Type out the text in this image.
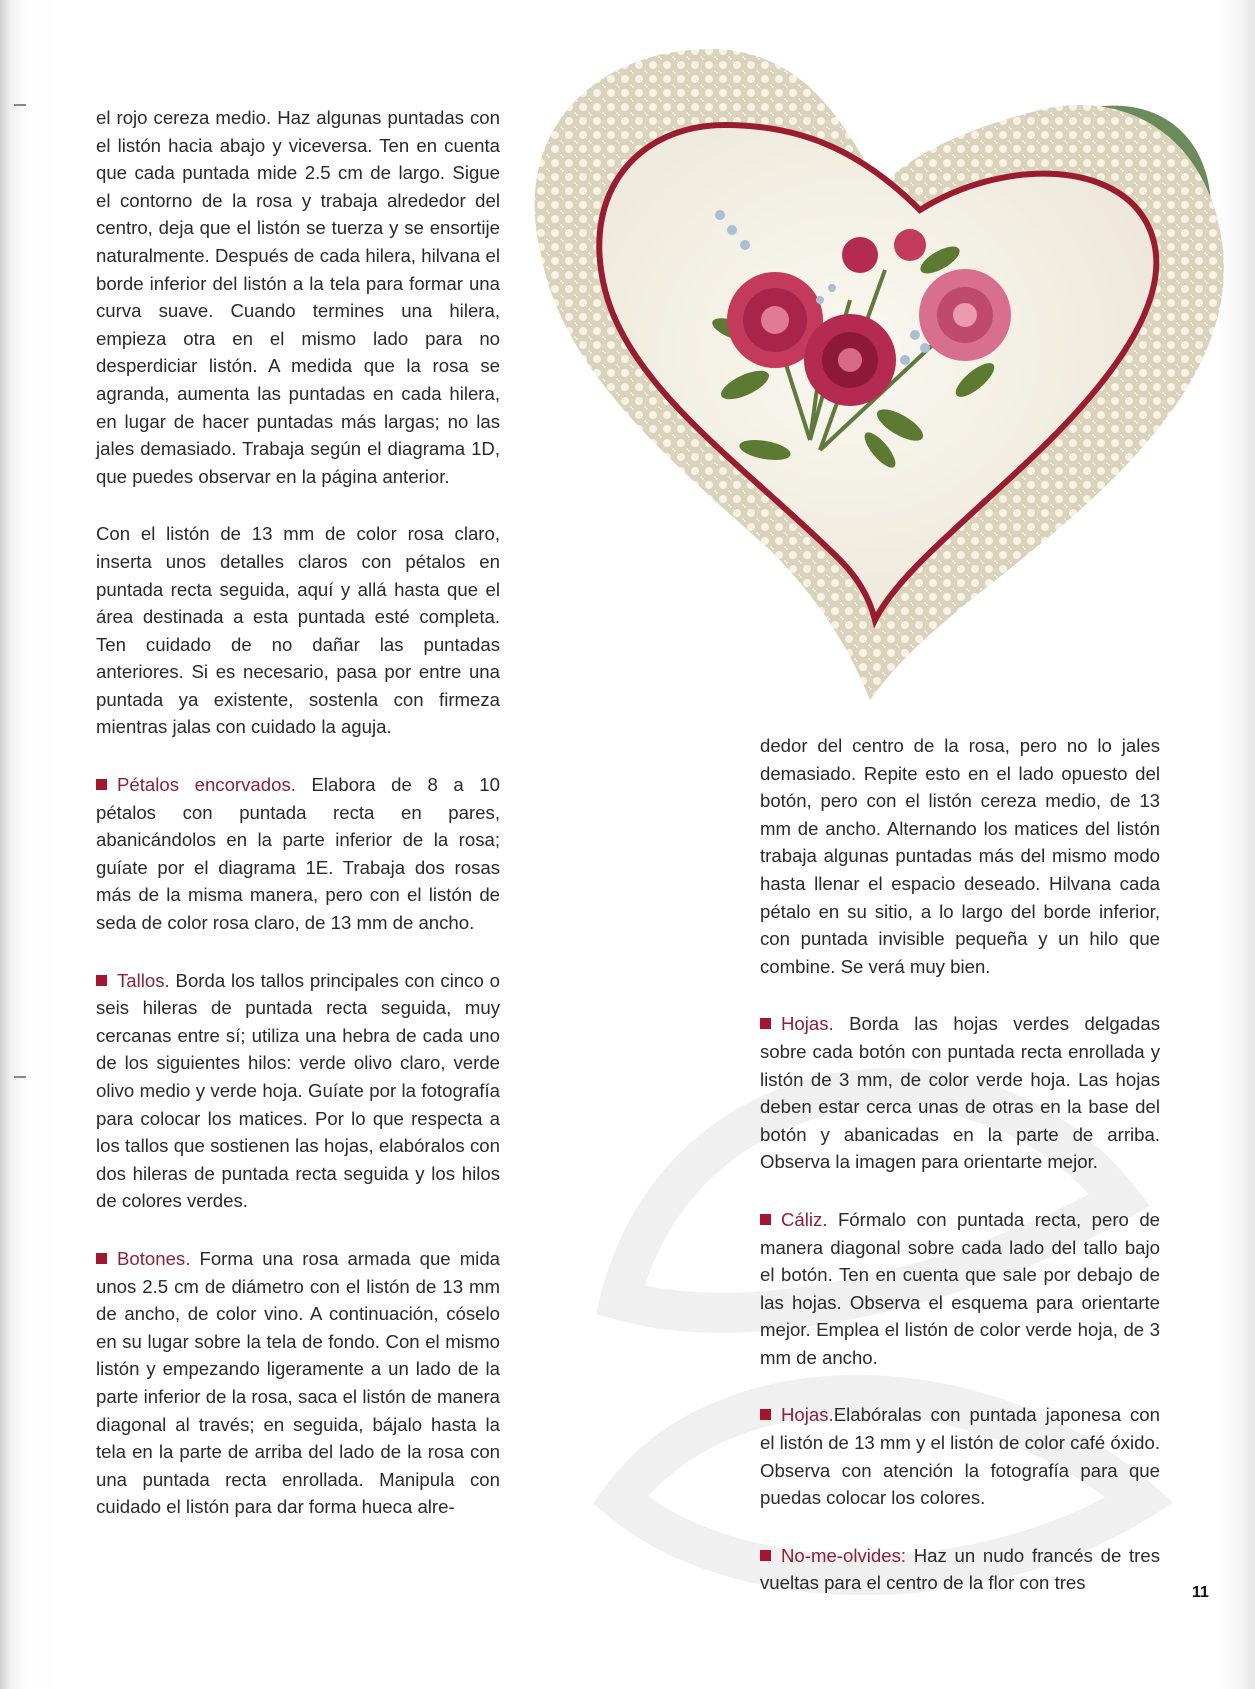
el rojo cereza medio. Haz algunas puntadas con el listón hacia abajo y viceversa. Ten en cuenta que cada puntada mide 2.5 cm de largo. Sigue el contorno de la rosa y trabaja alrededor del centro, deja que el listón se tuerza y se ensortije naturalmente. Después de cada hilera, hilvana el borde inferior del listón a la tela para formar una curva suave. Cuando termines una hilera, empieza otra en el mismo lado para no desperdiciar listón. A medida que la rosa se agranda, aumenta las puntadas en cada hilera, en lugar de hacer puntadas más largas; no las jales demasiado. Trabaja según el diagrama 1D, que puedes observar en la página anterior.

Con el listón de 13 mm de color rosa claro, inserta unos detalles claros con pétalos en puntada recta seguida, aquí y allá hasta que el área destinada a esta puntada esté completa. Ten cuidado de no dañar las puntadas anteriores. Si es necesario, pasa por entre una puntada ya existente, sostenla con firmeza mientras jalas con cuidado la aguja.

Pétalos encorvados. Elabora de 8 a 10 pétalos con puntada recta en pares, abanicándolos en la parte inferior de la rosa; guíate por el diagrama 1E. Trabaja dos rosas más de la misma manera, pero con el listón de seda de color rosa claro, de 13 mm de ancho.

Tallos. Borda los tallos principales con cinco o seis hileras de puntada recta seguida, muy cercanas entre sí; utiliza una hebra de cada uno de los siguientes hilos: verde olivo claro, verde olivo medio y verde hoja. Guíate por la fotografía para colocar los matices. Por lo que respecta a los tallos que sostienen las hojas, elabóralos con dos hileras de puntada recta seguida y los hilos de colores verdes.

Botones. Forma una rosa armada que mida unos 2.5 cm de diámetro con el listón de 13 mm de ancho, de color vino. A continuación, cóselo en su lugar sobre la tela de fondo. Con el mismo listón y empezando ligeramente a un lado de la parte inferior de la rosa, saca el listón de manera diagonal al través; en seguida, bájalo hasta la tela en la parte de arriba del lado de la rosa con una puntada recta enrollada. Manipula con cuidado el listón para dar forma hueca alre-

dedor del centro de la rosa, pero no lo jales demasiado. Repite esto en el lado opuesto del botón, pero con el listón cereza medio, de 13 mm de ancho. Alternando los matices del listón trabaja algunas puntadas más del mismo modo hasta llenar el espacio deseado. Hilvana cada pétalo en su sitio, a lo largo del borde inferior, con puntada invisible pequeña y un hilo que combine. Se verá muy bien.

Hojas. Borda las hojas verdes delgadas sobre cada botón con puntada recta enrollada y listón de 3 mm, de color verde hoja. Las hojas deben estar cerca unas de otras en la base del botón y abanicadas en la parte de arriba. Observa la imagen para orientarte mejor.

Cáliz. Fórmalo con puntada recta, pero de manera diagonal sobre cada lado del tallo bajo el botón. Ten en cuenta que sale por debajo de las hojas. Observa el esquema para orientarte mejor. Emplea el listón de color verde hoja, de 3 mm de ancho.

Hojas.Elabóralas con puntada japonesa con el listón de 13 mm y el listón de color café óxido. Observa con atención la fotografía para que puedas colocar los colores.

No-me-olvides: Haz un nudo francés de tres vueltas para el centro de la flor con tres	11
